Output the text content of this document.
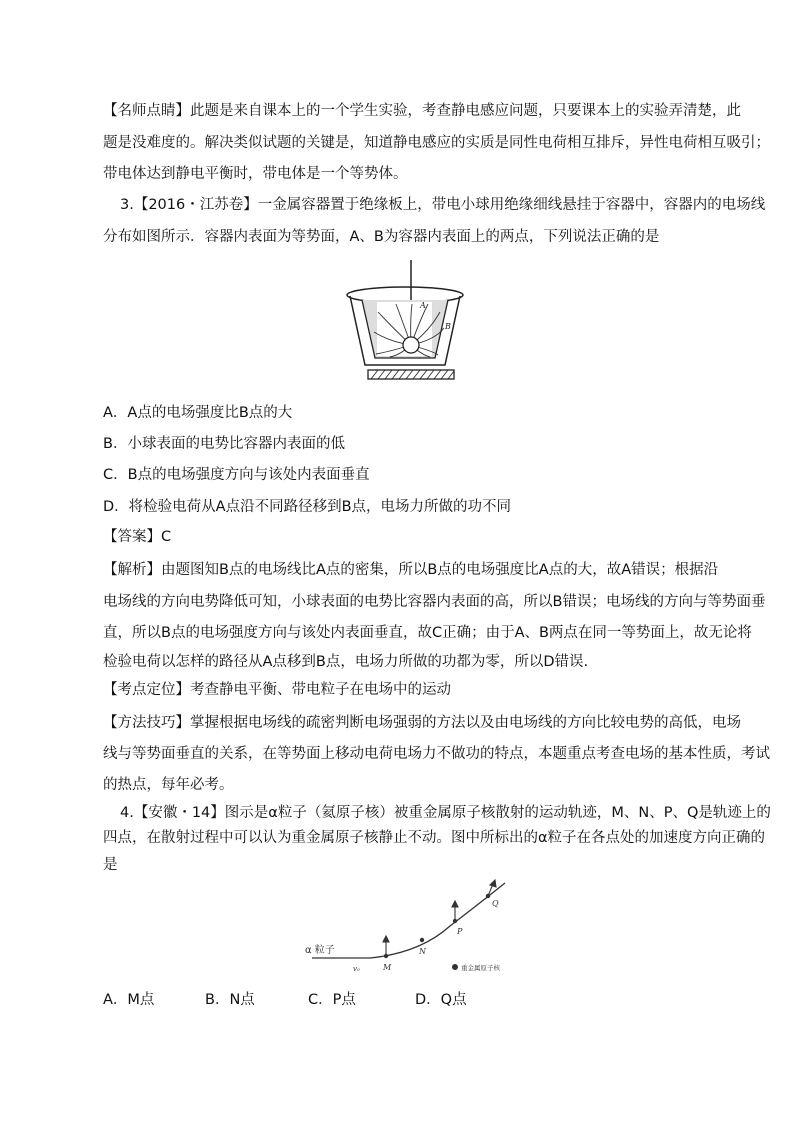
【名师点睛】此题是来自课本上的一个学生实验，考查静电感应问题，只要课本上的实验弄清楚，此
题是没难度的。解决类似试题的关键是，知道静电感应的实质是同性电荷相互排斥，异性电荷相互吸引；
带电体达到静电平衡时，带电体是一个等势体。
3.【2016・江苏卷】一金属容器置于绝缘板上，带电小球用绝缘细线悬挂于容器中，容器内的电场线
分布如图所示．容器内表面为等势面，A、B为容器内表面上的两点，下列说法正确的是
A
B
A．A点的电场强度比B点的大
B．小球表面的电势比容器内表面的低
C．B点的电场强度方向与该处内表面垂直
D．将检验电荷从A点沿不同路径移到B点，电场力所做的功不同
【答案】C
【解析】由题图知B点的电场线比A点的密集，所以B点的电场强度比A点的大，故A错误；根据沿
电场线的方向电势降低可知，小球表面的电势比容器内表面的高，所以B错误；电场线的方向与等势面垂
直，所以B点的电场强度方向与该处内表面垂直，故C正确；由于A、B两点在同一等势面上，故无论将
检验电荷以怎样的路径从A点移到B点，电场力所做的功都为零，所以D错误.
【考点定位】考查静电平衡、带电粒子在电场中的运动
【方法技巧】掌握根据电场线的疏密判断电场强弱的方法以及由电场线的方向比较电势的高低，电场
线与等势面垂直的关系，在等势面上移动电荷电场力不做功的特点，本题重点考查电场的基本性质，考试
的热点，每年必考。
4.【安徽・14】图示是α粒子（氦原子核）被重金属原子核散射的运动轨迹，M、N、P、Q是轨迹上的
四点，在散射过程中可以认为重金属原子核静止不动。图中所标出的α粒子在各点处的加速度方向正确的
是
α 粒子
v₀	M
N
P
Q
重金属原子核
A．M点	B．N点	C．P点	D．Q点
